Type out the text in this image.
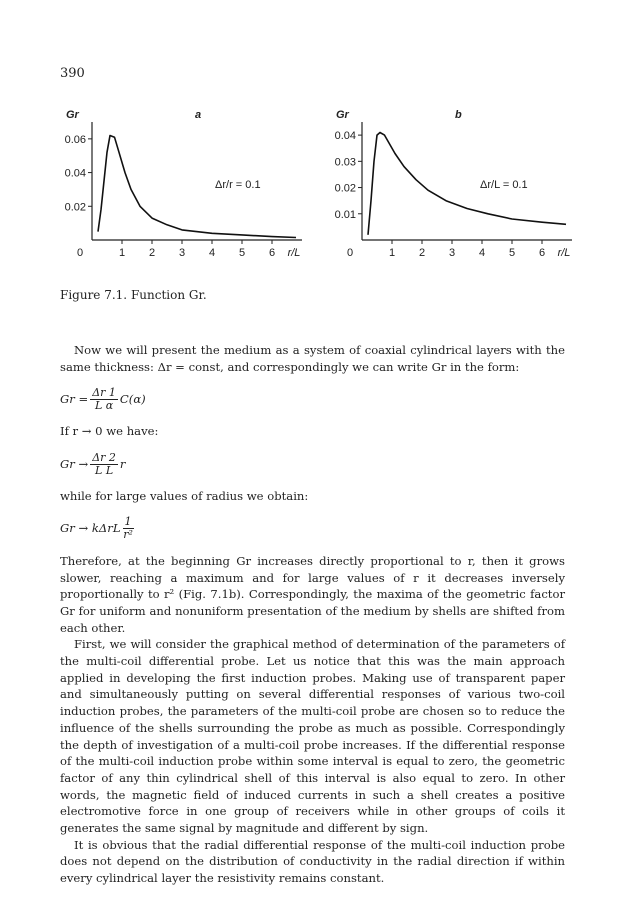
390
0.02
0.04
0.06
0	1 2 3 4 5 6 r/L
Gr	a
Δr/r = 0.1
0.01
0.02
0.03
0.04
0	1 2 3 4 5 6 r/L
Gr	b
Δr/L = 0.1
Figure 7.1. Function Gr.

Now we will present the medium as a system of coaxial cylindrical layers with the same thickness: Δr = const, and correspondingly we can write Gr in the form:

$Gr = \frac{\Delta r 1}{\text{L α}} C(\alpha)$

If r → 0 we have:

$Gr \to \frac{\Delta r 2}{\text{L L}}$ r

while for large values of radius we obtain:

Gr → kΔrL $\frac{1}{\text{r²}}$

Therefore, at the beginning Gr increases directly proportional to r, then it grows slower, reaching a maximum and for large values of r it decreases inversely proportionally to r² (Fig. 7.1b). Correspondingly, the maxima of the geometric factor Gr for uniform and nonuniform presentation of the medium by shells are shifted from each other.

First, we will consider the graphical method of determination of the parameters of the multi-coil differential probe. Let us notice that this was the main approach applied in developing the first induction probes. Making use of transparent paper and simultaneously putting on several differential responses of various two-coil induction probes, the parameters of the multi-coil probe are chosen so to reduce the influence of the shells surrounding the probe as much as possible. Correspondingly the depth of investigation of a multi-coil probe increases. If the differential response of the multi-coil induction probe within some interval is equal to zero, the geometric factor of any thin cylindrical shell of this interval is also equal to zero. In other words, the magnetic field of induced currents in such a shell creates a positive electromotive force in one group of receivers while in other groups of coils it generates the same signal by magnitude and different by sign.

It is obvious that the radial differential response of the multi-coil induction probe does not depend on the distribution of conductivity in the radial direction if within every cylindrical layer the resistivity remains constant.
